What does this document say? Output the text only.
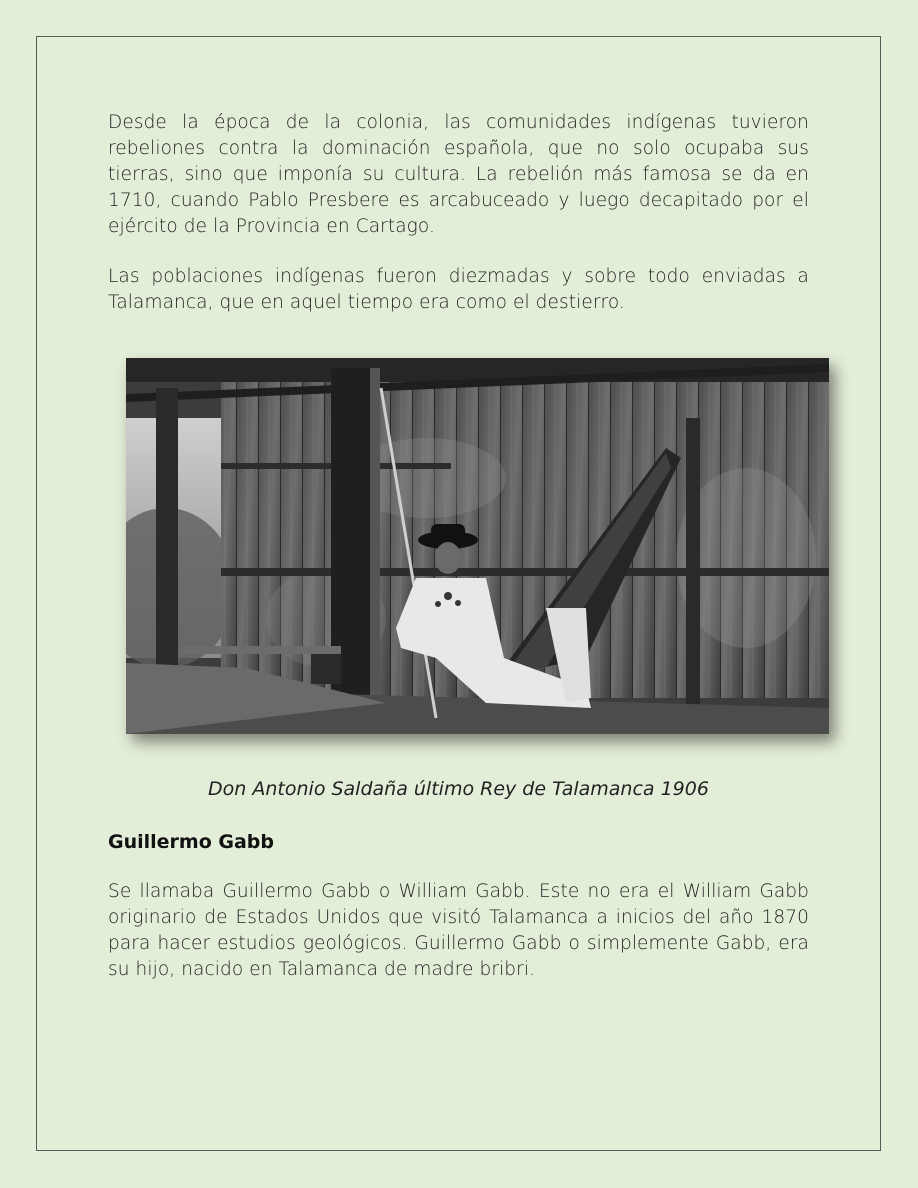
Desde la época de la colonia, las comunidades indígenas tuvieron rebeliones contra la dominación española, que no solo ocupaba sus tierras, sino que imponía su cultura. La rebelión más famosa se da en 1710, cuando Pablo Presbere es arcabuceado y luego decapitado por el ejército de la Provincia en Cartago.

Las poblaciones indígenas fueron diezmadas y sobre todo enviadas a Talamanca, que en aquel tiempo era como el destierro.

Don Antonio Saldaña último Rey de Talamanca 1906
Guillermo Gabb

Se llamaba Guillermo Gabb o William Gabb. Este no era el William Gabb originario de Estados Unidos que visitó Talamanca a inicios del año 1870 para hacer estudios geológicos. Guillermo Gabb o simplemente Gabb, era su hijo, nacido en Talamanca de madre bribri.
